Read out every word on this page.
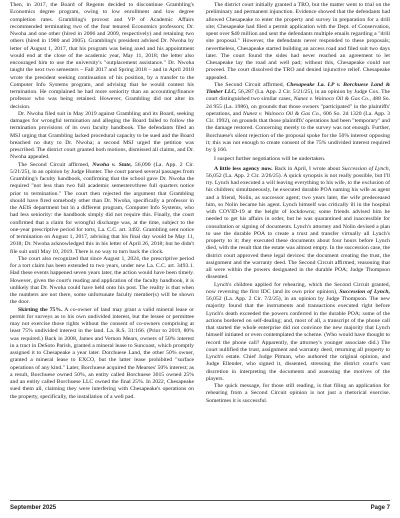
Then, in 2017, the Board of Regents decided to discontinue Grambling's Economics degree program, owing to low enrollment and low degree completion rates. Grambling's provost and VP of Academic Affairs recommended terminating two of the four tenured Economics professors; Dr. Nwoha and one other (hired in 2006 and 2009, respectively) and retaining two others (hired in 1980 and 2005). Grambling's president advised Dr. Nwoha by letter of August 1, 2017, that his program was being axed and his appointment would end at the close of the academic year, May 11, 2018; the letter also encouraged him to use the university's "outplacement assistance." Dr. Nwoha taught the next two semesters – Fall 2017 and Spring 2018 – and in April 2018 wrote the president seeking continuation of his position, by a transfer to the Computer Info Systems program, and advising that he would contest his termination. He complained he had more seniority than an accounting/finance professor who was being retained. However, Grambling did not alter its decision.

Dr. Nwoha filed suit in May 2019 against Grambling and its Board, seeking damages for wrongful termination and alleging the Board failed to follow the termination provisions of its own faculty handbook. The defendants filed an MSJ urging that Grambling lacked procedural capacity to be sued and the Board breached no duty to Dr. Nwoha; a second MSJ urged the petition was prescribed. The district court granted both motions, dismissed all claims, and Dr. Nwoha appealed.

The Second Circuit affirmed, Nwoha v. State, 56,090 (La. App. 2 Cir. 5/21/25), in an opinion by Judge Hunter. The court parsed several passages from Grambling's faculty handbook, confirming that the school gave Dr. Nwoha the required "not less than two full academic semesters/three full quarters notice prior to termination." The court then rejected the argument that Grambling should have fired somebody other than Dr. Nwoha, specifically a professor in the AEIS department but in a different program, Computer Info Systems, who had less seniority: the handbook simply did not require this. Finally, the court confirmed that a claim for wrongful discharge was, at the time, subject to the one-year prescriptive period for torts, La. C.C. art. 3492. Grambling sent notice of termination on August 1, 2017, advising that his final day would be May 11, 2018; Dr. Nwoha acknowledged this in his letter of April 26, 2018; but he didn't file suit until May 10, 2019. There is no way to turn back the clock.

The court also recognized that since August 1, 2024, the prescriptive period for a tort claim has been extended to two years, under new La. C.C. art. 3493.1. Had these events happened seven years later, the action would have been timely. However, given the court's reading and application of the faculty handbook, it is unlikely that Dr. Nwoha could have held onto his post. The reality is that when the numbers are not there, some unfortunate faculty member(s) will be shown the door.

Skirting the 75%. A co-owner of land may grant a valid mineral lease or permit for surveys as to his own undivided interest, but the lessee or permittee may not exercise those rights without the consent of co-owners comprising at least 75% undivided interest in the land. La. R.S. 31:166. (Prior to 2019, 80% was required.) Back in 2008, James and Vernon Mears, owners of 50% interest in a tract in DeSoto Parish, granted a mineral lease to Suncoast, which promptly assigned it to Chesapeake a year later. Dorchuese Land, the other 50% owner, granted a mineral lease to EXCO, but the latter lease prohibited "surface operations of any kind." Later, Borchuese acquired the Mearses' 50% interest; as a result, Borchuese owned 50%, an entity called Borchuese 3015 owned 25% and an entity called Borchuese LLC owned the final 25%. In 2022, Chesapeake sued them all, claiming they were interfering with Chesapeake's operations on the property, specifically, the installation of a well pad.

The district court initially granted a TRO, but the matter went to trial on the preliminary and permanent injunction. Evidence showed that the defendants had allowed Chesapeake to enter the property and survey in preparation for a drill site; Chesapeake had filed a permit application with the Dept. of Conservation, spent over $40 million and sent the defendants multiple emails regarding a "drill site proposal." However, the defendants never responded to these proposals; nevertheless, Chesapeake started building an access road and filed suit two days later. The court found the sides had never reached an agreement to let Chesapeake lay the road and well pad; without this, Chesapeake could not proceed. The court dissolved the TRO and denied injunctive relief. Chesapeake appealed.

The Second Circuit affirmed, Chesapeake La. LP v. Borchuese Land & Timber LLC, 56,287 (La. App. 2 Cir. 5/21/25), in an opinion by Judge Cox. The court distinguished two similar cases, Nunez v. Wainoco Oil & Gas Co., 488 So. 2d 955 (La. 1986), on grounds that those owners "participated" in the plaintiffs' operations, and Nunez v. Wainoco Oil & Gas Co., 606 So. 2d 1320 (La. App. 3 Cir. 1992), on grounds that those plaintiffs' operations had been "temporary" and the damage restored. Concerning merely to the survey was not enough. Further, Borchuese's silent rejection of the proposal spoke for the 50% interest opposing it; this was not enough to create consent of the 75% undivided interest required by § 166.

I suspect further negotiations will be undertaken.

A little less agency now. Back in April, I wrote about Succession of Lynch, 56,052 (La. App. 2 Cir. 2/26/25). A quick synopsis is not really possible, but I'll try. Lynch had executed a will leaving everything to his wife, to the exclusion of his children; simultaneously, he executed durable POA naming his wife as agent and a friend, Nolin, as successor agent; two years later, the wife predeceased him, so Nolin became his agent. Lynch himself was critically ill in the hospital with COVID-19 at the height of lockdowns; some friends advised him he needed to get his affairs in order, but he was quarantined and inaccessible for consultation or signing of documents. Lynch's attorney and Nolin devised a plan to use the durable POA to create a trust and transfer virtually all Lynch's property to it; they executed these documents about four hours before Lynch died, with the result that the estate was almost empty. In the succession case, the district court approved these legal devices: the document creating the trust, the assignment and the warranty deed. The Second Circuit affirmed, reasoning that all were within the powers designated in the durable POA; Judge Thompson dissented.

Lynch's children applied for rehearing, which the Second Circuit granted, now reversing the first IDC (and its own prior opinion), Succession of Lynch, 56,052 (La. App. 2 Cir. 7/2/25), in an opinion by Judge Thompson. The new majority found that the instruments and transactions executed right before Lynch's death exceeded the powers conferred in the durable POA; some of the actions bordered on self-dealing; and, most of all, a transcript of the phone call that started the whole enterprise did not convince the new majority that Lynch himself initiated or even contemplated the scheme. (Who would have thought to record the phone call? Apparently, the attorney's younger associate did.) The court nullified the trust, assignment and warranty deed, returning all property to Lynch's estate. Chief Judge Pitman, who authored the original opinion, and Judge Ellender, who signed it, dissented, stressing the district court's vast discretion in interpreting the documents and assessing the motives of the players.

The quick message, for those still reading, is that filing an application for rehearing from a Second Circuit opinion is not just a rhetorical exercise. Sometimes it is successful.

September 2025	Page 7
